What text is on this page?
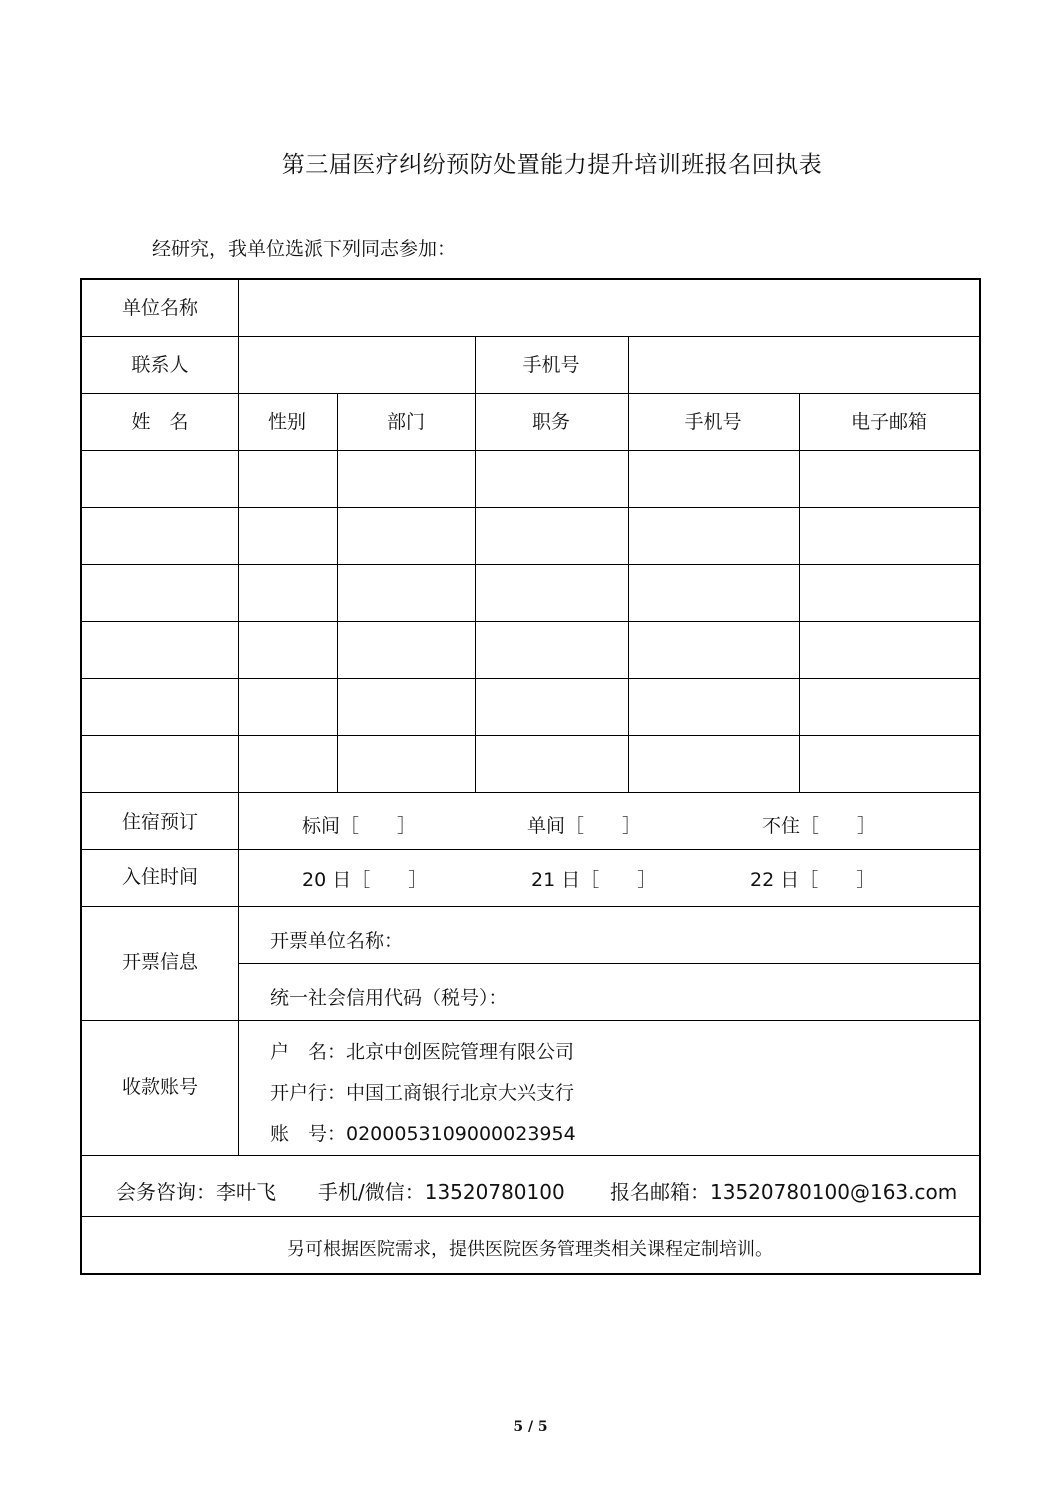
第三届医疗纠纷预防处置能力提升培训班报名回执表
经研究，我单位选派下列同志参加：
单位名称
联系人	手机号
姓　名	性别	部门	职务	手机号	电子邮箱
住宿预订	标间［　　］	单间［　　］	不住［　　］
入住时间	20 日［　　］	21 日［　　］	22 日［　　］
开票信息
开票单位名称：
统一社会信用代码（税号）：
收款账号
户　名：北京中创医院管理有限公司
开户行：中国工商银行北京大兴支行
账　号：0200053109000023954
会务咨询：李叶飞 手机/微信：13520780100 报名邮箱：13520780100@163.com
另可根据医院需求，提供医院医务管理类相关课程定制培训。
5 / 5
